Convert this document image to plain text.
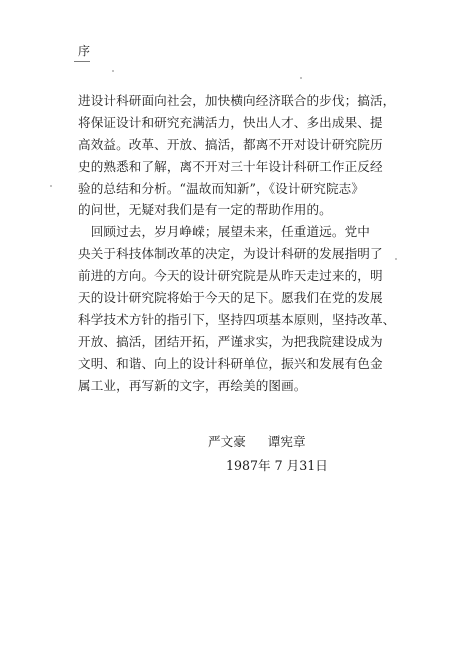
序
进设计科研面向社会，加快横向经济联合的步伐；搞活，
将保证设计和研究充满活力，快出人才、多出成果、提
高效益。改革、开放、搞活，都离不开对设计研究院历
史的熟悉和了解，离不开对三十年设计科研工作正反经
验的总结和分析。“温故而知新”，《设计研究院志》
的问世，无疑对我们是有一定的帮助作用的。
　回顾过去，岁月峥嵘；展望未来，任重道远。党中
央关于科技体制改革的决定，为设计科研的发展指明了
前进的方向。今天的设计研究院是从昨天走过来的，明
天的设计研究院将始于今天的足下。愿我们在党的发展
科学技术方针的指引下，坚持四项基本原则，坚持改革、
开放、搞活，团结开拓，严谨求实，为把我院建设成为
文明、和谐、向上的设计科研单位，振兴和发展有色金
属工业，再写新的文字，再绘美的图画。
严文豪 谭宪章
1987年 7 月31日
